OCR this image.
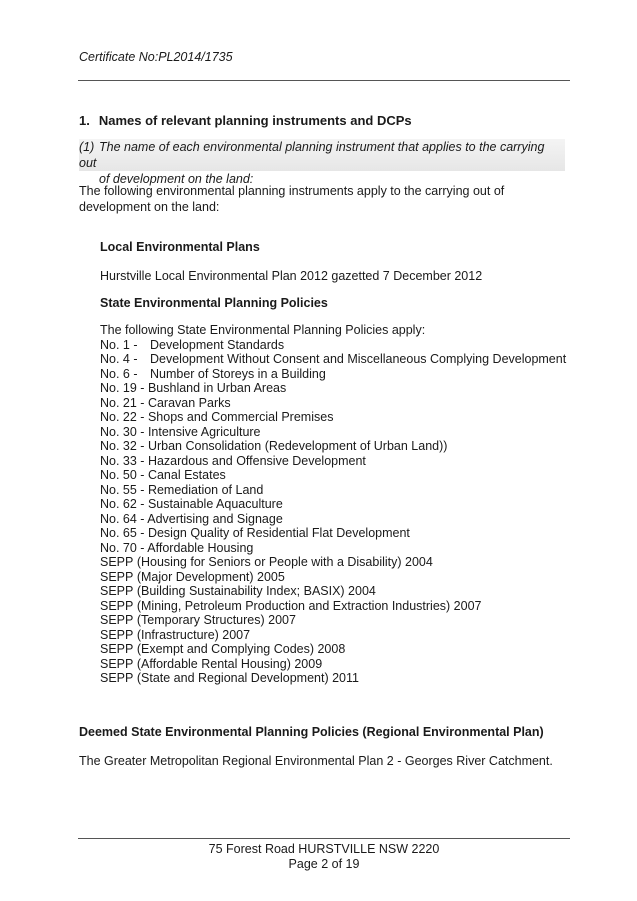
Certificate No:PL2014/1735
1. Names of relevant planning instruments and DCPs
(1) The name of each environmental planning instrument that applies to the carrying out
of development on the land:
The following environmental planning instruments apply to the carrying out of
development on the land:
Local Environmental Plans
Hurstville Local Environmental Plan 2012 gazetted 7 December 2012
State Environmental Planning Policies
The following State Environmental Planning Policies apply:
No. 1 - Development Standards
No. 4 - Development Without Consent and Miscellaneous Complying Development
No. 6 - Number of Storeys in a Building
No. 19 - Bushland in Urban Areas
No. 21 - Caravan Parks
No. 22 - Shops and Commercial Premises
No. 30 - Intensive Agriculture
No. 32 - Urban Consolidation (Redevelopment of Urban Land))
No. 33 - Hazardous and Offensive Development
No. 50 - Canal Estates
No. 55 - Remediation of Land
No. 62 - Sustainable Aquaculture
No. 64 - Advertising and Signage
No. 65 - Design Quality of Residential Flat Development
No. 70 - Affordable Housing
SEPP (Housing for Seniors or People with a Disability) 2004
SEPP (Major Development) 2005
SEPP (Building Sustainability Index; BASIX) 2004
SEPP (Mining, Petroleum Production and Extraction Industries) 2007
SEPP (Temporary Structures) 2007
SEPP (Infrastructure) 2007
SEPP (Exempt and Complying Codes) 2008
SEPP (Affordable Rental Housing) 2009
SEPP (State and Regional Development) 2011
Deemed State Environmental Planning Policies (Regional Environmental Plan)
The Greater Metropolitan Regional Environmental Plan 2 - Georges River Catchment.
75 Forest Road HURSTVILLE NSW 2220
Page 2 of 19
